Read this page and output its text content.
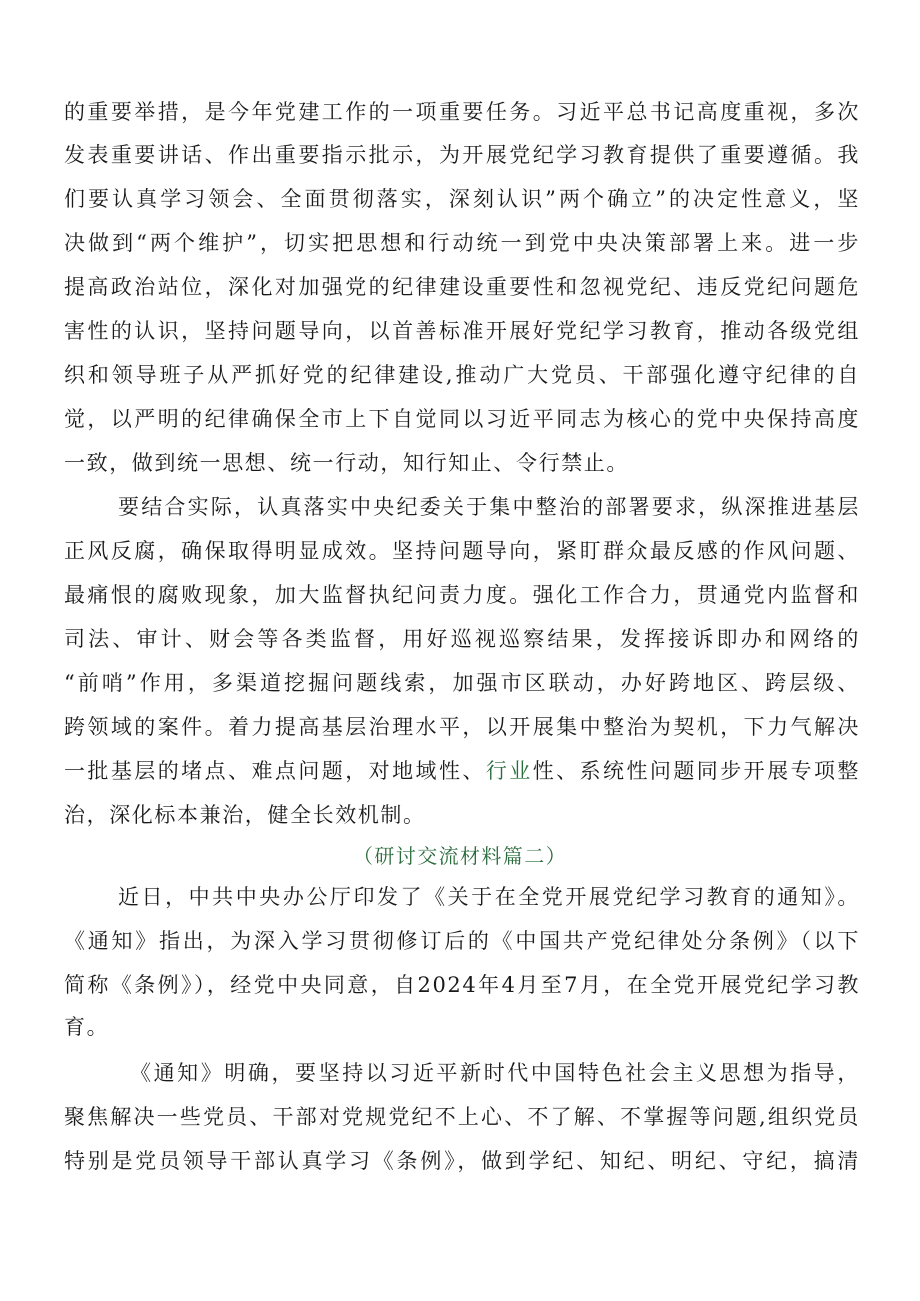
的重要举措，是今年党建工作的一项重要任务。习近平总书记高度重视，多次
发表重要讲话、作出重要指示批示，为开展党纪学习教育提供了重要遵循。我
们要认真学习领会、全面贯彻落实，深刻认识”两个确立”的决定性意义，坚
决做到“两个维护”，切实把思想和行动统一到党中央决策部署上来。进一步
提高政治站位，深化对加强党的纪律建设重要性和忽视党纪、违反党纪问题危
害性的认识，坚持问题导向，以首善标准开展好党纪学习教育，推动各级党组
织和领导班子从严抓好党的纪律建设,推动广大党员、干部强化遵守纪律的自
觉，以严明的纪律确保全市上下自觉同以习近平同志为核心的党中央保持高度
一致，做到统一思想、统一行动，知行知止、令行禁止。
要结合实际，认真落实中央纪委关于集中整治的部署要求，纵深推进基层
正风反腐，确保取得明显成效。坚持问题导向，紧盯群众最反感的作风问题、
最痛恨的腐败现象，加大监督执纪问责力度。强化工作合力，贯通党内监督和
司法、审计、财会等各类监督，用好巡视巡察结果，发挥接诉即办和网络的
“前哨”作用，多渠道挖掘问题线索，加强市区联动，办好跨地区、跨层级、
跨领域的案件。着力提高基层治理水平，以开展集中整治为契机，下力气解决
一批基层的堵点、难点问题，对地域性、行业性、系统性问题同步开展专项整
治，深化标本兼治，健全长效机制。
（研讨交流材料篇二）
近日，中共中央办公厅印发了《关于在全党开展党纪学习教育的通知》。
《通知》指出，为深入学习贯彻修订后的《中国共产党纪律处分条例》（以下
简称《条例》），经党中央同意，自2024年4月至7月，在全党开展党纪学习教
育。
《通知》明确，要坚持以习近平新时代中国特色社会主义思想为指导，
聚焦解决一些党员、干部对党规党纪不上心、不了解、不掌握等问题,组织党员
特别是党员领导干部认真学习《条例》，做到学纪、知纪、明纪、守纪，搞清
